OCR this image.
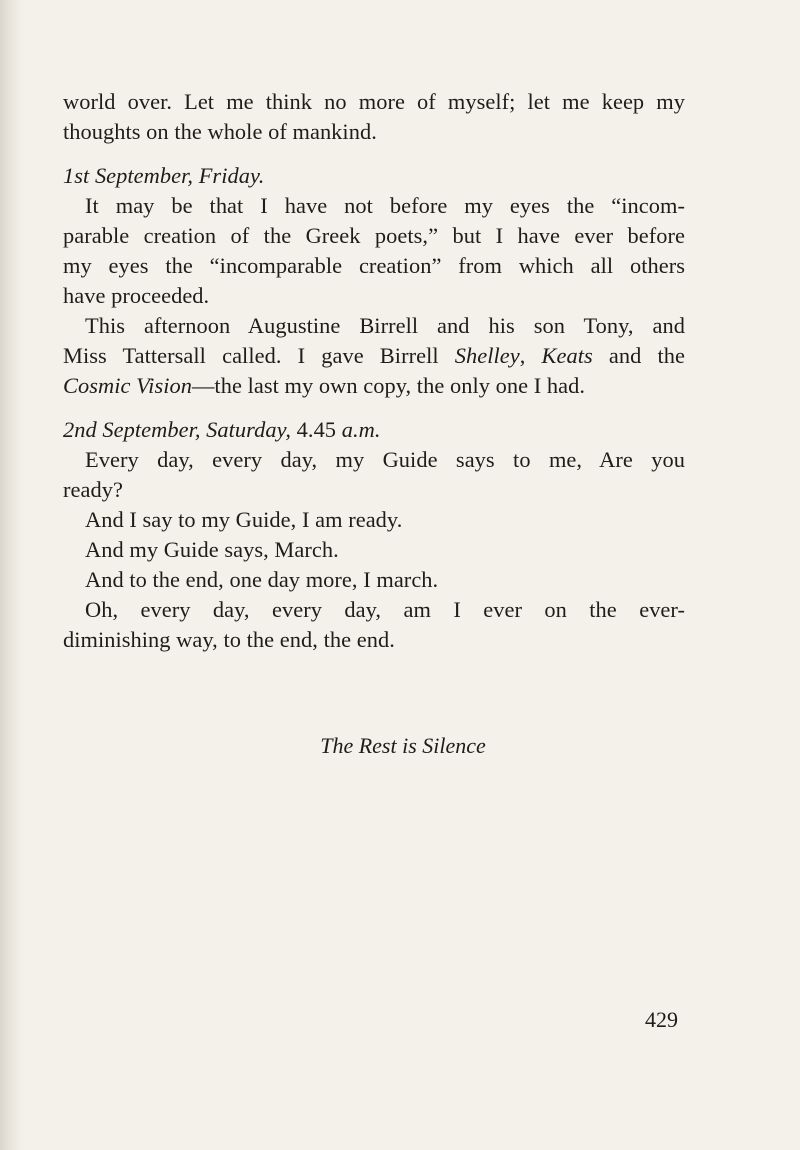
world over. Let me think no more of myself; let me keep my
thoughts on the whole of mankind.
1st September, Friday.
It may be that I have not before my eyes the “incom-
parable creation of the Greek poets,” but I have ever before
my eyes the “incomparable creation” from which all others
have proceeded.
This afternoon Augustine Birrell and his son Tony, and
Miss Tattersall called. I gave Birrell Shelley, Keats and the
Cosmic Vision—the last my own copy, the only one I had.
2nd September, Saturday, 4.45 a.m.
Every day, every day, my Guide says to me, Are you
ready?
And I say to my Guide, I am ready.
And my Guide says, March.
And to the end, one day more, I march.
Oh, every day, every day, am I ever on the ever-
diminishing way, to the end, the end.
The Rest is Silence
429
